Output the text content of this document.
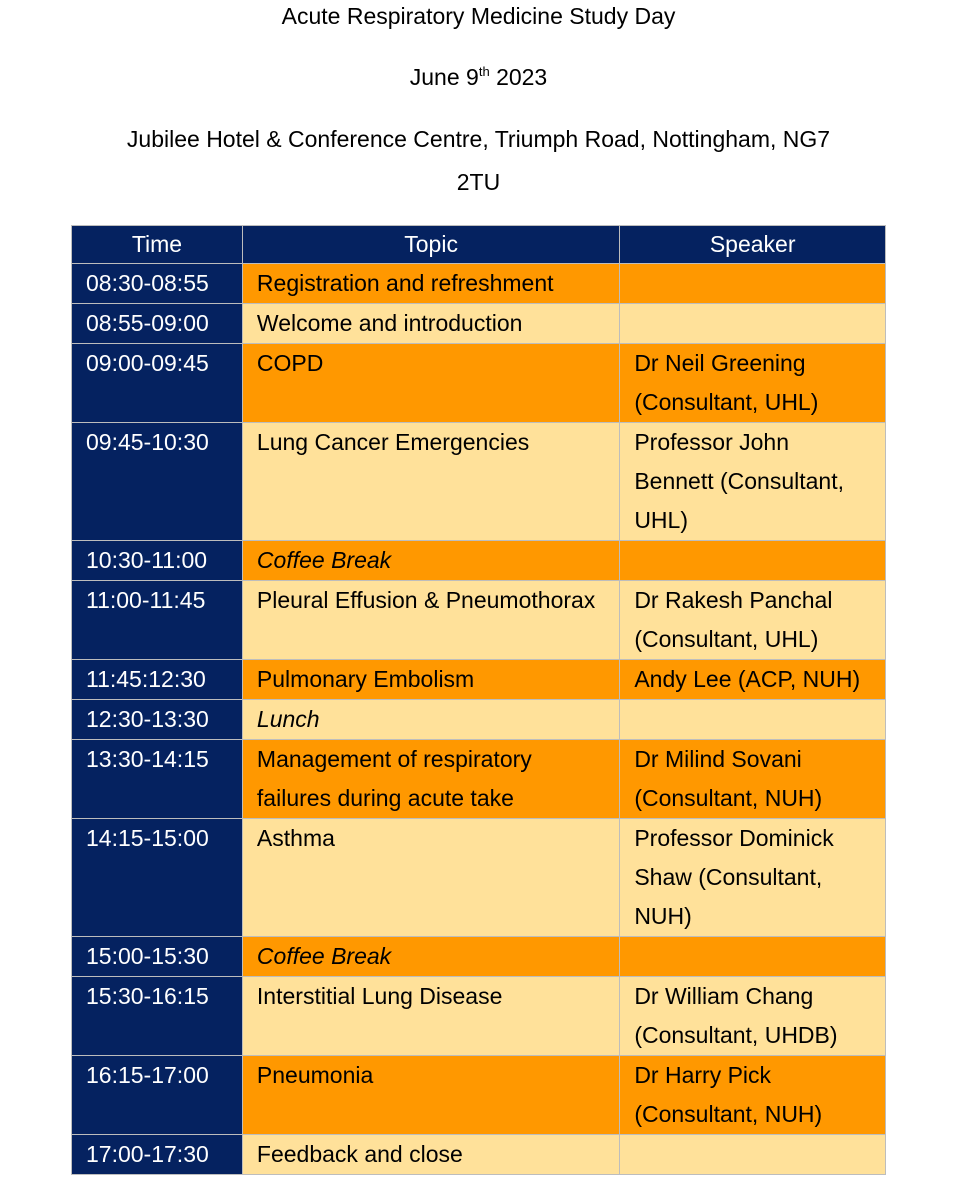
Acute Respiratory Medicine Study Day

June 9th 2023

Jubilee Hotel & Conference Centre, Triumph Road, Nottingham, NG7

2TU

Time	Topic	Speaker
08:30-08:55	Registration and refreshment	
08:55-09:00	Welcome and introduction	
09:00-09:45	COPD	Dr Neil Greening (Consultant, UHL)
09:45-10:30	Lung Cancer Emergencies	Professor John Bennett (Consultant, UHL)
10:30-11:00	Coffee Break	
11:00-11:45	Pleural Effusion & Pneumothorax	Dr Rakesh Panchal (Consultant, UHL)
11:45:12:30	Pulmonary Embolism	Andy Lee (ACP, NUH)
12:30-13:30	Lunch	
13:30-14:15	Management of respiratory failures during acute take	Dr Milind Sovani (Consultant, NUH)
14:15-15:00	Asthma	Professor Dominick Shaw (Consultant, NUH)
15:00-15:30	Coffee Break	
15:30-16:15	Interstitial Lung Disease	Dr William Chang (Consultant, UHDB)
16:15-17:00	Pneumonia	Dr Harry Pick (Consultant, NUH)
17:00-17:30	Feedback and close	
